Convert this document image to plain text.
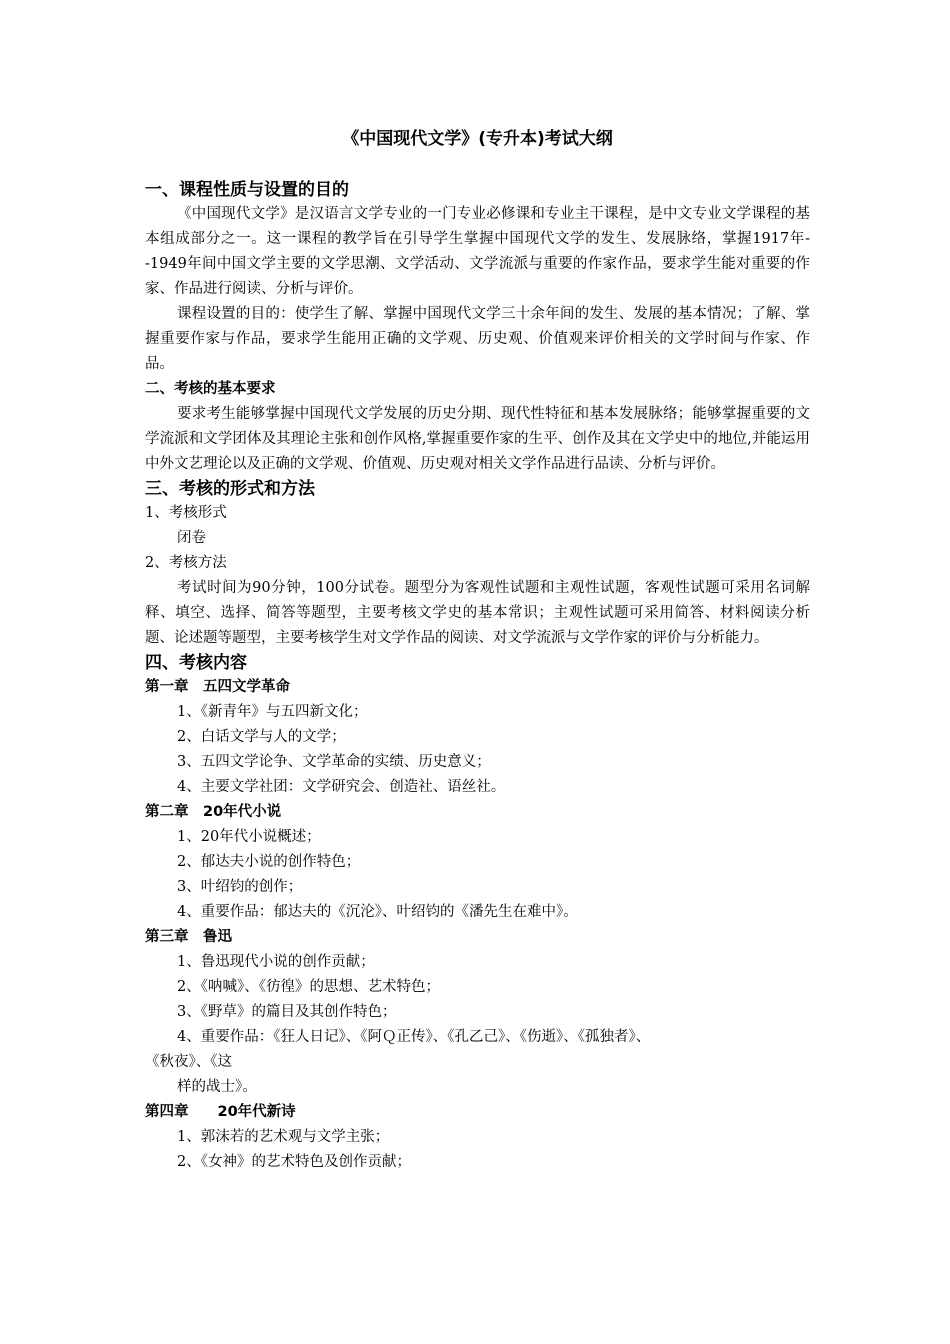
《中国现代文学》(专升本)考试大纲
一、课程性质与设置的目的

《中国现代文学》是汉语言文学专业的一门专业必修课和专业主干课程，是中文专业文学课程的基本组成部分之一。这一课程的教学旨在引导学生掌握中国现代文学的发生、发展脉络，掌握1917年--1949年间中国文学主要的文学思潮、文学活动、文学流派与重要的作家作品，要求学生能对重要的作家、作品进行阅读、分析与评价。

课程设置的目的：使学生了解、掌握中国现代文学三十余年间的发生、发展的基本情况；了解、掌握重要作家与作品，要求学生能用正确的文学观、历史观、价值观来评价相关的文学时间与作家、作品。

二、考核的基本要求

要求考生能够掌握中国现代文学发展的历史分期、现代性特征和基本发展脉络；能够掌握重要的文学流派和文学团体及其理论主张和创作风格,掌握重要作家的生平、创作及其在文学史中的地位,并能运用中外文艺理论以及正确的文学观、价值观、历史观对相关文学作品进行品读、分析与评价。

三、考核的形式和方法

1、考核形式

闭卷

2、考核方法

考试时间为90分钟，100分试卷。题型分为客观性试题和主观性试题，客观性试题可采用名词解释、填空、选择、简答等题型，主要考核文学史的基本常识；主观性试题可采用简答、材料阅读分析题、论述题等题型，主要考核学生对文学作品的阅读、对文学流派与文学作家的评价与分析能力。

四、考核内容
第一章　五四文学革命
1、《新青年》与五四新文化；
2、白话文学与人的文学；
3、五四文学论争、文学革命的实绩、历史意义；
4、主要文学社团：文学研究会、创造社、语丝社。
第二章　20年代小说
1、20年代小说概述；
2、郁达夫小说的创作特色；
3、叶绍钧的创作；
4、重要作品：郁达夫的《沉沦》、叶绍钧的《潘先生在难中》。
第三章　鲁迅
1、鲁迅现代小说的创作贡献；
2、《呐喊》、《彷徨》的思想、艺术特色；
3、《野草》的篇目及其创作特色；
4、重要作品：《狂人日记》、《阿Ｑ正传》、《孔乙己》、《伤逝》、《孤独者》、
《秋夜》、《这
样的战士》。
第四章　　20年代新诗
1、郭沫若的艺术观与文学主张；
2、《女神》的艺术特色及创作贡献；
